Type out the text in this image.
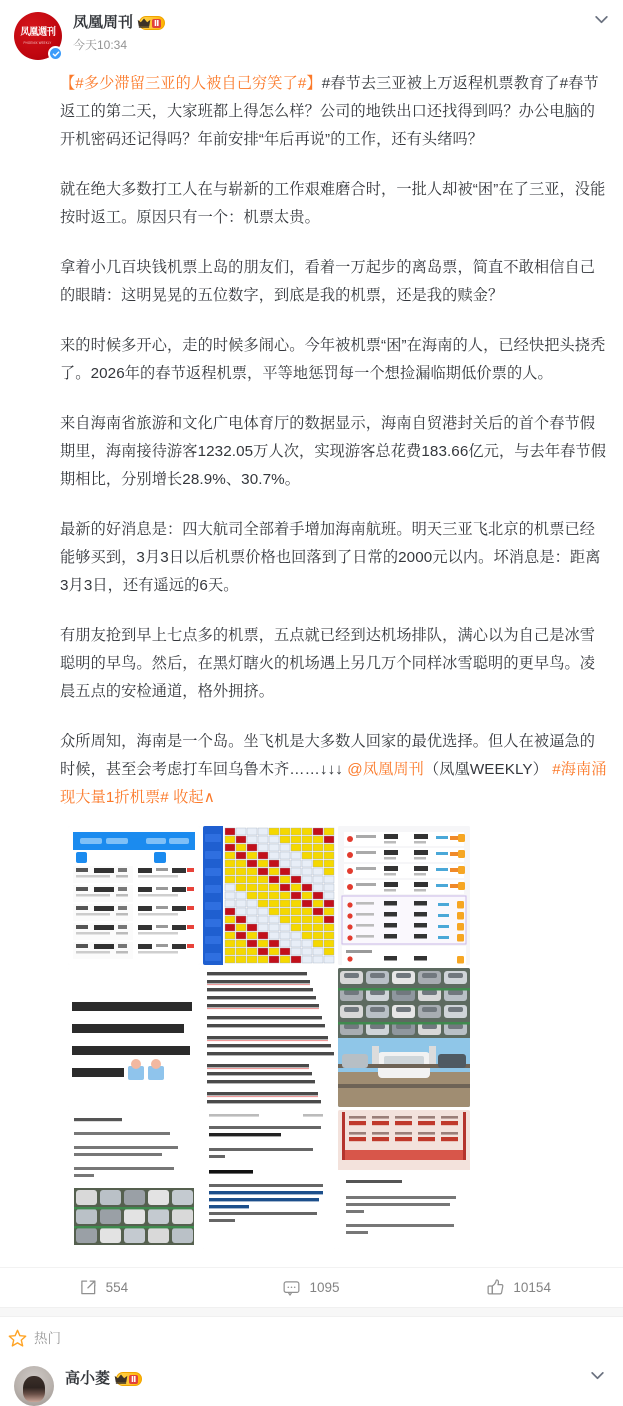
凤凰週刊
PHOENIX WEEKLY
凤凰周刊	Ⅱ
今天10:34

【#多少滞留三亚的人被自己穷笑了#】#春节去三亚被上万返程机票教育了#春节返工的第二天，大家班都上得怎么样？公司的地铁出口还找得到吗？办公电脑的开机密码还记得吗？年前安排“年后再说”的工作，还有头绪吗？

就在绝大多数打工人在与崭新的工作艰难磨合时，一批人却被“困”在了三亚，没能按时返工。原因只有一个：机票太贵。

拿着小几百块钱机票上岛的朋友们，看着一万起步的离岛票，简直不敢相信自己的眼睛：这明晃晃的五位数字，到底是我的机票，还是我的赎金？

来的时候多开心，走的时候多闹心。今年被机票“困”在海南的人，已经快把头挠秃了。2026年的春节返程机票，平等地惩罚每一个想捡漏临期低价票的人。

来自海南省旅游和文化广电体育厅的数据显示，海南自贸港封关后的首个春节假期里，海南接待游客1232.05万人次，实现游客总花费183.66亿元，与去年春节假期相比，分别增长28.9%、30.7%。

最新的好消息是：四大航司全部着手增加海南航班。明天三亚飞北京的机票已经能够买到，3月3日以后机票价格也回落到了日常的2000元以内。坏消息是：距离3月3日，还有遥远的6天。

有朋友抢到早上七点多的机票，五点就已经到达机场排队，满心以为自己是冰雪聪明的早鸟。然后，在黑灯瞎火的机场遇上另几万个同样冰雪聪明的更早鸟。凌晨五点的安检通道，格外拥挤。

众所周知，海南是一个岛。坐飞机是大多数人回家的最优选择。但人在被逼急的时候，甚至会考虑打车回乌鲁木齐……↓↓↓ @凤凰周刊（凤凰WEEKLY） #海南涌现大量1折机票# 收起∧

554	1095	10154
热门
高小菱	Ⅱ
